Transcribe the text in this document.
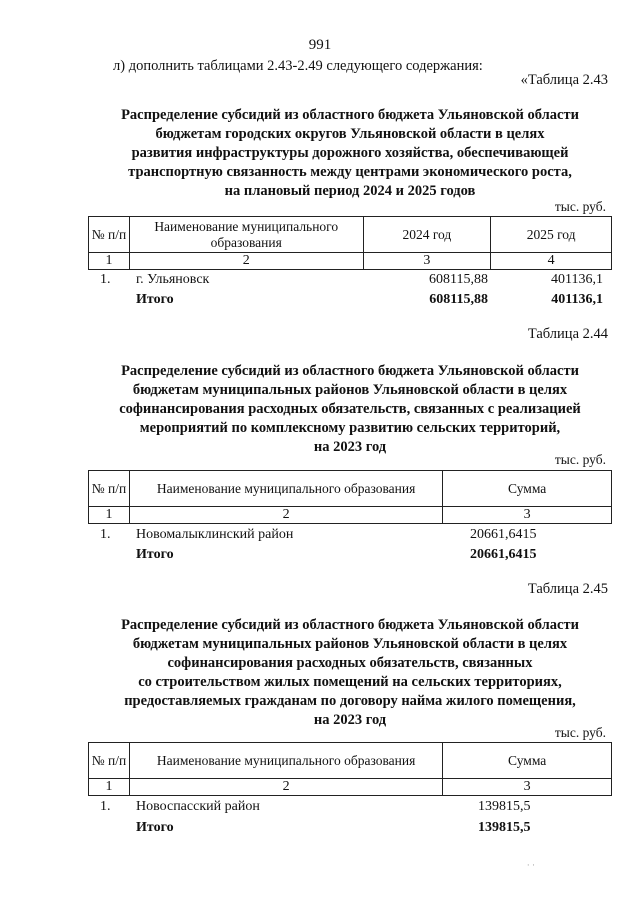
991
л) дополнить таблицами 2.43-2.49 следующего содержания:
«Таблица 2.43
Распределение субсидий из областного бюджета Ульяновской области
бюджетам городских округов Ульяновской области в целях
развития инфраструктуры дорожного хозяйства, обеспечивающей
транспортную связанность между центрами экономического роста,
на плановый период 2024 и 2025 годов
тыс. руб.
№ п/п	Наименование муниципального образования	2024 год	2025 год
1	2	3	4
1. г. Ульяновск	608115,88	401136,1
Итого	608115,88	401136,1
Таблица 2.44
Распределение субсидий из областного бюджета Ульяновской области
бюджетам муниципальных районов Ульяновской области в целях
софинансирования расходных обязательств, связанных с реализацией
мероприятий по комплексному развитию сельских территорий,
на 2023 год
тыс. руб.
№ п/п	Наименование муниципального образования	Сумма
1	2	3
1. Новомалыклинский район	20661,6415
Итого	20661,6415
Таблица 2.45
Распределение субсидий из областного бюджета Ульяновской области
бюджетам муниципальных районов Ульяновской области в целях
софинансирования расходных обязательств, связанных
со строительством жилых помещений на сельских территориях,
предоставляемых гражданам по договору найма жилого помещения,
на 2023 год
тыс. руб.
№ п/п	Наименование муниципального образования	Сумма
1	2	3
1. Новоспасский район	139815,5
Итого	139815,5
· ·
